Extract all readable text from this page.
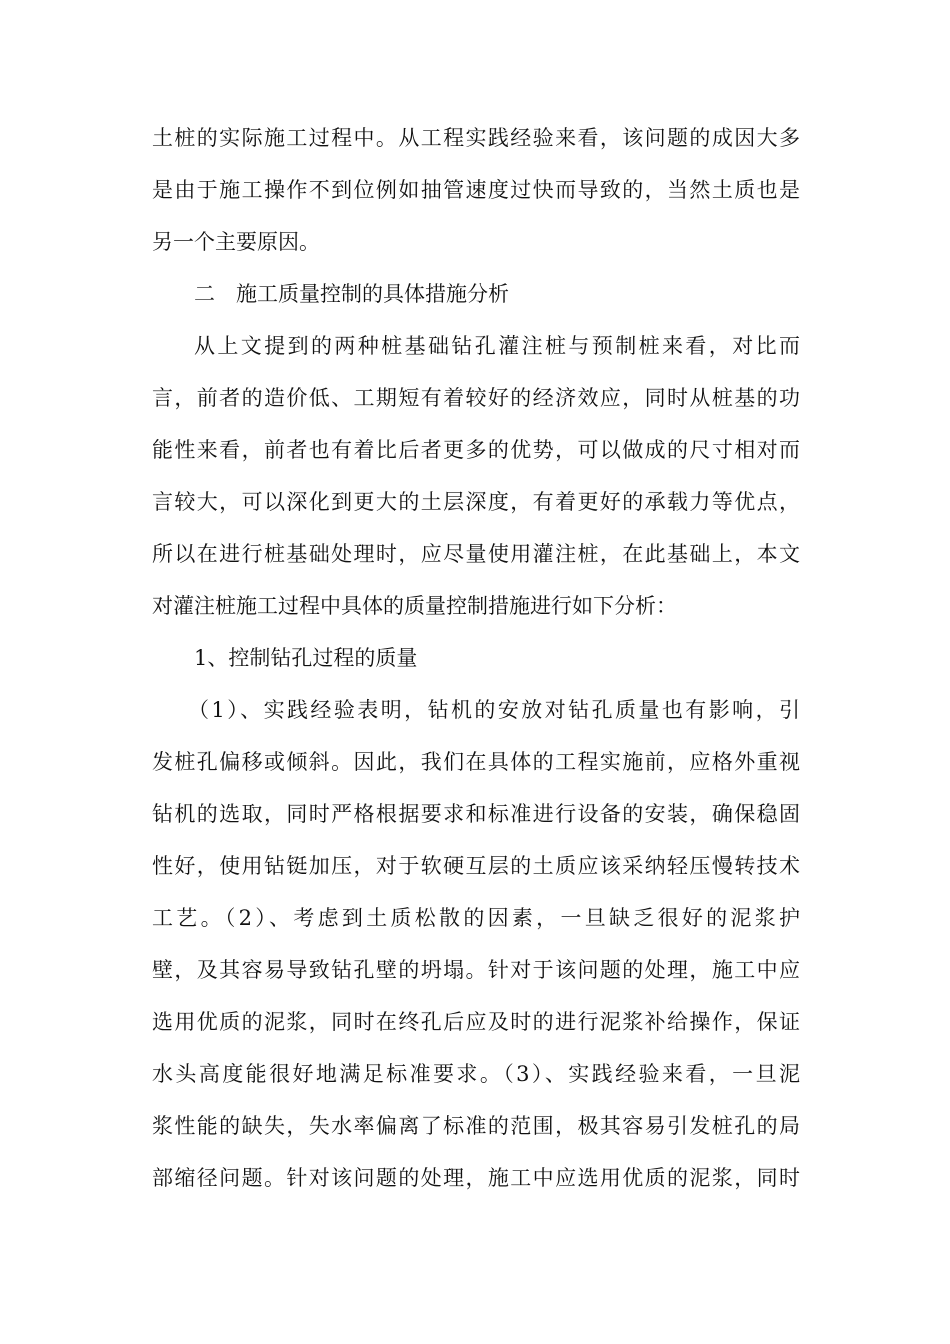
土桩的实际施工过程中。从工程实践经验来看，该问题的成因大多
是由于施工操作不到位例如抽管速度过快而导致的，当然土质也是
另一个主要原因。
二　施工质量控制的具体措施分析
从上文提到的两种桩基础钻孔灌注桩与预制桩来看，对比而
言，前者的造价低、工期短有着较好的经济效应，同时从桩基的功
能性来看，前者也有着比后者更多的优势，可以做成的尺寸相对而
言较大，可以深化到更大的土层深度，有着更好的承载力等优点，
所以在进行桩基础处理时，应尽量使用灌注桩，在此基础上，本文
对灌注桩施工过程中具体的质量控制措施进行如下分析：
1、控制钻孔过程的质量
（1）、实践经验表明，钻机的安放对钻孔质量也有影响，引
发桩孔偏移或倾斜。因此，我们在具体的工程实施前，应格外重视
钻机的选取，同时严格根据要求和标准进行设备的安装，确保稳固
性好，使用钻铤加压，对于软硬互层的土质应该采纳轻压慢转技术
工艺。（2）、考虑到土质松散的因素，一旦缺乏很好的泥浆护
壁，及其容易导致钻孔壁的坍塌。针对于该问题的处理，施工中应
选用优质的泥浆，同时在终孔后应及时的进行泥浆补给操作，保证
水头高度能很好地满足标准要求。（3）、实践经验来看，一旦泥
浆性能的缺失，失水率偏离了标准的范围，极其容易引发桩孔的局
部缩径问题。针对该问题的处理，施工中应选用优质的泥浆，同时
